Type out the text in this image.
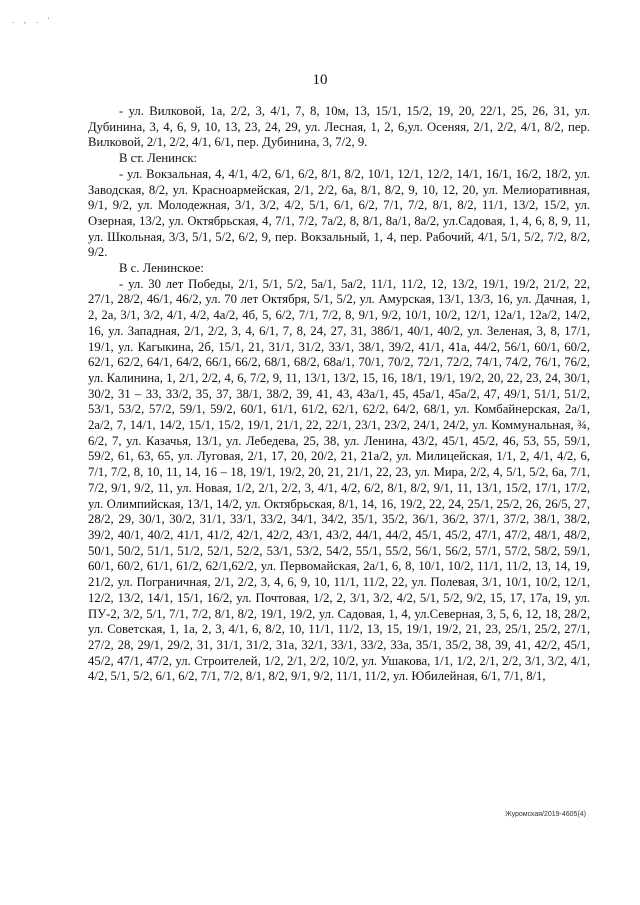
. , . '
10

- ул. Вилковой, 1а, 2/2, 3, 4/1, 7, 8, 10м, 13, 15/1, 15/2, 19, 20, 22/1, 25, 26, 31, ул. Дубинина, 3, 4, 6, 9, 10, 13, 23, 24, 29, ул. Лесная, 1, 2, 6,ул. Осеняя, 2/1, 2/2, 4/1, 8/2, пер. Вилковой, 2/1, 2/2, 4/1, 6/1, пер. Дубинина, 3, 7/2, 9.

В ст. Ленинск:

- ул. Вокзальная, 4, 4/1, 4/2, 6/1, 6/2, 8/1, 8/2, 10/1, 12/1, 12/2, 14/1, 16/1, 16/2, 18/2, ул. Заводская, 8/2, ул. Красноармейская, 2/1, 2/2, 6а, 8/1, 8/2, 9, 10, 12, 20, ул. Мелиоративная, 9/1, 9/2, ул. Молодежная, 3/1, 3/2, 4/2, 5/1, 6/1, 6/2, 7/1, 7/2, 8/1, 8/2, 11/1, 13/2, 15/2, ул. Озерная, 13/2, ул. Октябрьская, 4, 7/1, 7/2, 7а/2, 8, 8/1, 8а/1, 8а/2, ул.Садовая, 1, 4, 6, 8, 9, 11, ул. Школьная, 3/3, 5/1, 5/2, 6/2, 9, пер. Вокзальный, 1, 4, пер. Рабочий, 4/1, 5/1, 5/2, 7/2, 8/2, 9/2.

В с. Ленинское:

- ул. 30 лет Победы, 2/1, 5/1, 5/2, 5а/1, 5а/2, 11/1, 11/2, 12, 13/2, 19/1, 19/2, 21/2, 22, 27/1, 28/2, 46/1, 46/2, ул. 70 лет Октября, 5/1, 5/2, ул. Амурская, 13/1, 13/3, 16, ул. Дачная, 1, 2, 2а, 3/1, 3/2, 4/1, 4/2, 4а/2, 4б, 5, 6/2, 7/1, 7/2, 8, 9/1, 9/2, 10/1, 10/2, 12/1, 12а/1, 12а/2, 14/2, 16, ул. Западная, 2/1, 2/2, 3, 4, 6/1, 7, 8, 24, 27, 31, 38б/1, 40/1, 40/2, ул. Зеленая, 3, 8, 17/1, 19/1, ул. Кагыкина, 2б, 15/1, 21, 31/1, 31/2, 33/1, 38/1, 39/2, 41/1, 41а, 44/2, 56/1, 60/1, 60/2, 62/1, 62/2, 64/1, 64/2, 66/1, 66/2, 68/1, 68/2, 68а/1, 70/1, 70/2, 72/1, 72/2, 74/1, 74/2, 76/1, 76/2, ул. Калинина, 1, 2/1, 2/2, 4, 6, 7/2, 9, 11, 13/1, 13/2, 15, 16, 18/1, 19/1, 19/2, 20, 22, 23, 24, 30/1, 30/2, 31 – 33, 33/2, 35, 37, 38/1, 38/2, 39, 41, 43, 43а/1, 45, 45а/1, 45а/2, 47, 49/1, 51/1, 51/2, 53/1, 53/2, 57/2, 59/1, 59/2, 60/1, 61/1, 61/2, 62/1, 62/2, 64/2, 68/1, ул. Комбайнерская, 2а/1, 2а/2, 7, 14/1, 14/2, 15/1, 15/2, 19/1, 21/1, 22, 22/1, 23/1, 23/2, 24/1, 24/2, ул. Коммунальная, ¾, 6/2, 7, ул. Казачья, 13/1, ул. Лебедева, 25, 38, ул. Ленина, 43/2, 45/1, 45/2, 46, 53, 55, 59/1, 59/2, 61, 63, 65, ул. Луговая, 2/1, 17, 20, 20/2, 21, 21а/2, ул. Милицейская, 1/1, 2, 4/1, 4/2, 6, 7/1, 7/2, 8, 10, 11, 14, 16 – 18, 19/1, 19/2, 20, 21, 21/1, 22, 23, ул. Мира, 2/2, 4, 5/1, 5/2, 6а, 7/1, 7/2, 9/1, 9/2, 11, ул. Новая, 1/2, 2/1, 2/2, 3, 4/1, 4/2, 6/2, 8/1, 8/2, 9/1, 11, 13/1, 15/2, 17/1, 17/2, ул. Олимпийская, 13/1, 14/2, ул. Октябрьская, 8/1, 14, 16, 19/2, 22, 24, 25/1, 25/2, 26, 26/5, 27, 28/2, 29, 30/1, 30/2, 31/1, 33/1, 33/2, 34/1, 34/2, 35/1, 35/2, 36/1, 36/2, 37/1, 37/2, 38/1, 38/2, 39/2, 40/1, 40/2, 41/1, 41/2, 42/1, 42/2, 43/1, 43/2, 44/1, 44/2, 45/1, 45/2, 47/1, 47/2, 48/1, 48/2, 50/1, 50/2, 51/1, 51/2, 52/1, 52/2, 53/1, 53/2, 54/2, 55/1, 55/2, 56/1, 56/2, 57/1, 57/2, 58/2, 59/1, 60/1, 60/2, 61/1, 61/2, 62/1,62/2, ул. Первомайская, 2а/1, 6, 8, 10/1, 10/2, 11/1, 11/2, 13, 14, 19, 21/2, ул. Пограничная, 2/1, 2/2, 3, 4, 6, 9, 10, 11/1, 11/2, 22, ул. Полевая, 3/1, 10/1, 10/2, 12/1, 12/2, 13/2, 14/1, 15/1, 16/2, ул. Почтовая, 1/2, 2, 3/1, 3/2, 4/2, 5/1, 5/2, 9/2, 15, 17, 17а, 19, ул. ПУ-2, 3/2, 5/1, 7/1, 7/2, 8/1, 8/2, 19/1, 19/2, ул. Садовая, 1, 4, ул.Северная, 3, 5, 6, 12, 18, 28/2, ул. Советская, 1, 1а, 2, 3, 4/1, 6, 8/2, 10, 11/1, 11/2, 13, 15, 19/1, 19/2, 21, 23, 25/1, 25/2, 27/1, 27/2, 28, 29/1, 29/2, 31, 31/1, 31/2, 31а, 32/1, 33/1, 33/2, 33а, 35/1, 35/2, 38, 39, 41, 42/2, 45/1, 45/2, 47/1, 47/2, ул. Строителей, 1/2, 2/1, 2/2, 10/2, ул. Ушакова, 1/1, 1/2, 2/1, 2/2, 3/1, 3/2, 4/1, 4/2, 5/1, 5/2, 6/1, 6/2, 7/1, 7/2, 8/1, 8/2, 9/1, 9/2, 11/1, 11/2, ул. Юбилейная, 6/1, 7/1, 8/1,

Журомская/2019-4605(4)
